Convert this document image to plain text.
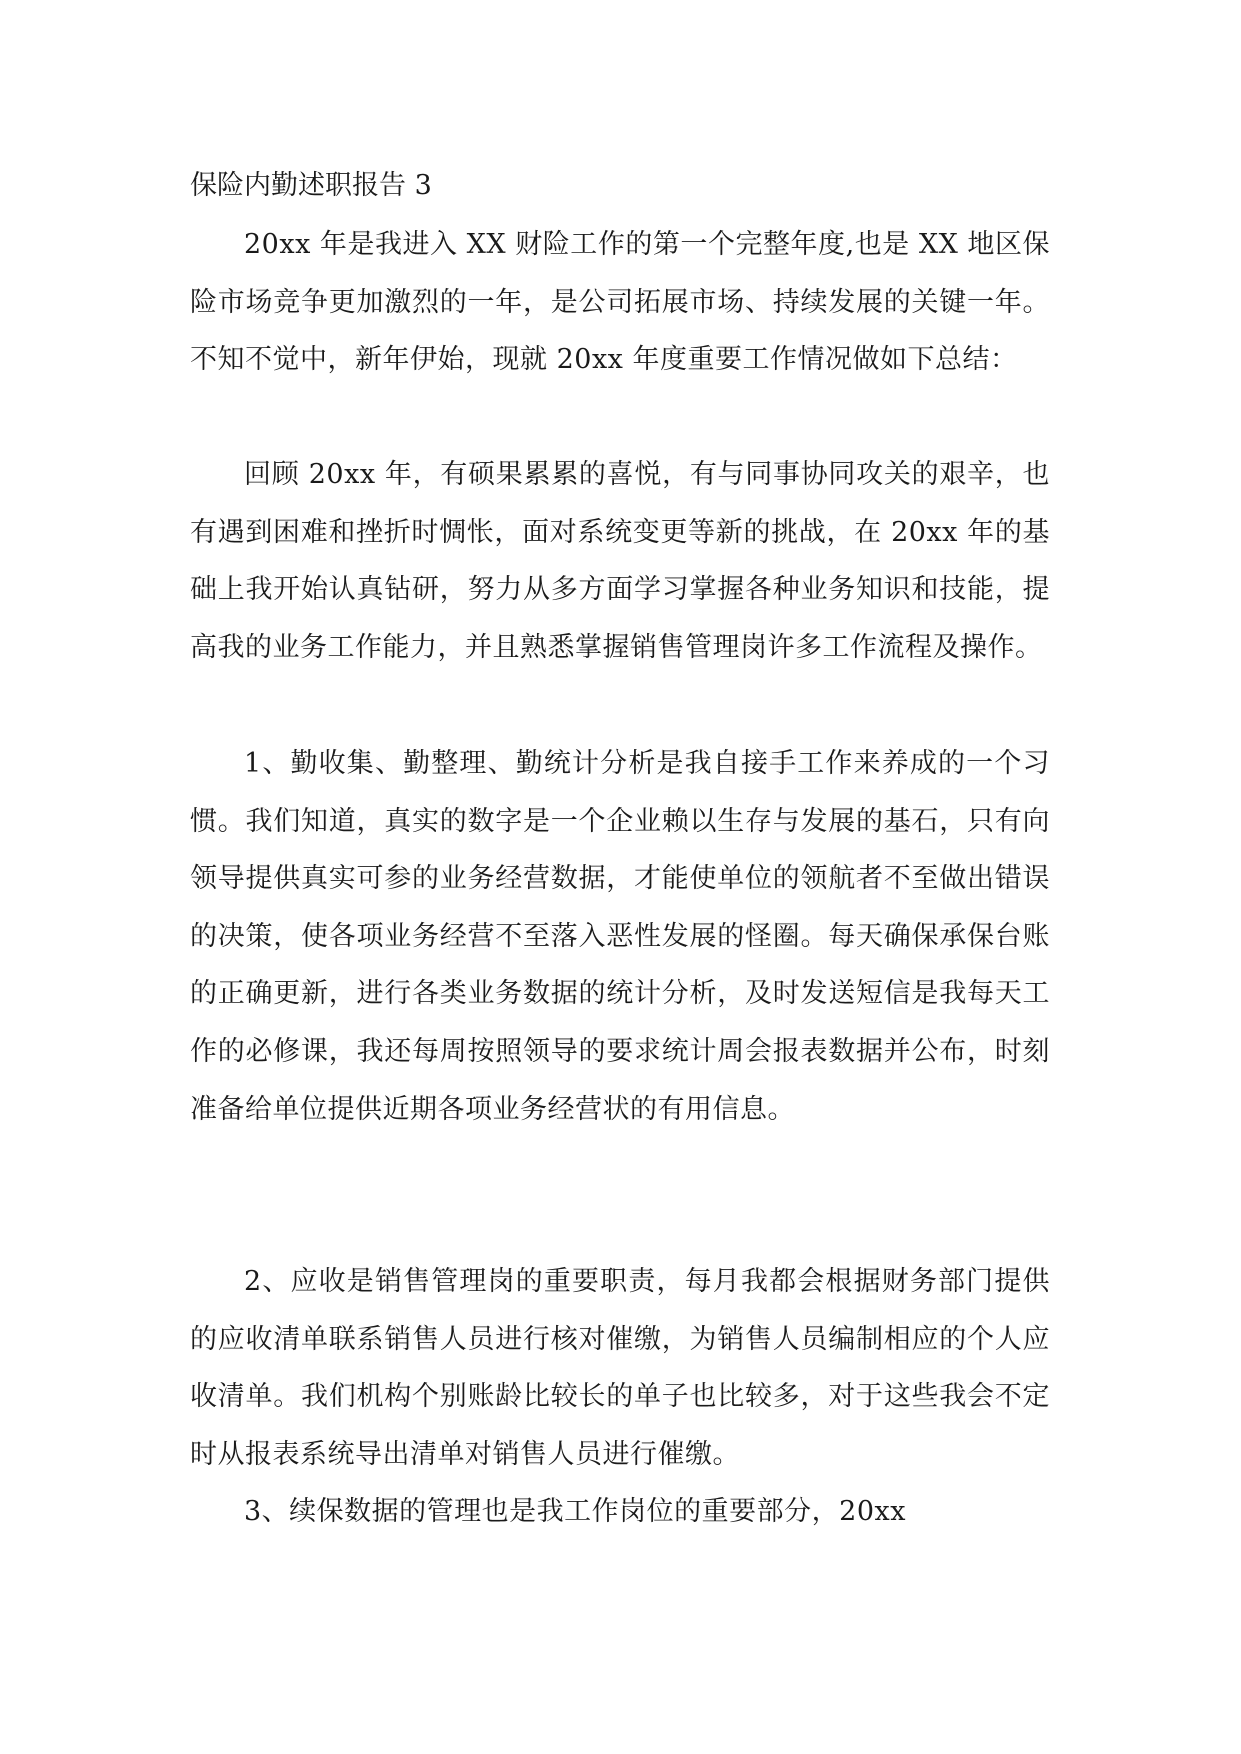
保险内勤述职报告 3

20xx 年是我进入 XX 财险工作的第一个完整年度,也是 XX 地区保险市场竞争更加激烈的一年，是公司拓展市场、持续发展的关键一年。不知不觉中，新年伊始，现就 20xx 年度重要工作情况做如下总结：

回顾 20xx 年，有硕果累累的喜悦，有与同事协同攻关的艰辛，也有遇到困难和挫折时惆怅，面对系统变更等新的挑战，在 20xx 年的基础上我开始认真钻研，努力从多方面学习掌握各种业务知识和技能，提高我的业务工作能力，并且熟悉掌握销售管理岗许多工作流程及操作。

1、勤收集、勤整理、勤统计分析是我自接手工作来养成的一个习惯。我们知道，真实的数字是一个企业赖以生存与发展的基石，只有向领导提供真实可参的业务经营数据，才能使单位的领航者不至做出错误的决策，使各项业务经营不至落入恶性发展的怪圈。每天确保承保台账的正确更新，进行各类业务数据的统计分析，及时发送短信是我每天工作的必修课，我还每周按照领导的要求统计周会报表数据并公布，时刻准备给单位提供近期各项业务经营状的有用信息。

2、应收是销售管理岗的重要职责，每月我都会根据财务部门提供的应收清单联系销售人员进行核对催缴，为销售人员编制相应的个人应收清单。我们机构个别账龄比较长的单子也比较多，对于这些我会不定时从报表系统导出清单对销售人员进行催缴。

3、续保数据的管理也是我工作岗位的重要部分，20xx
